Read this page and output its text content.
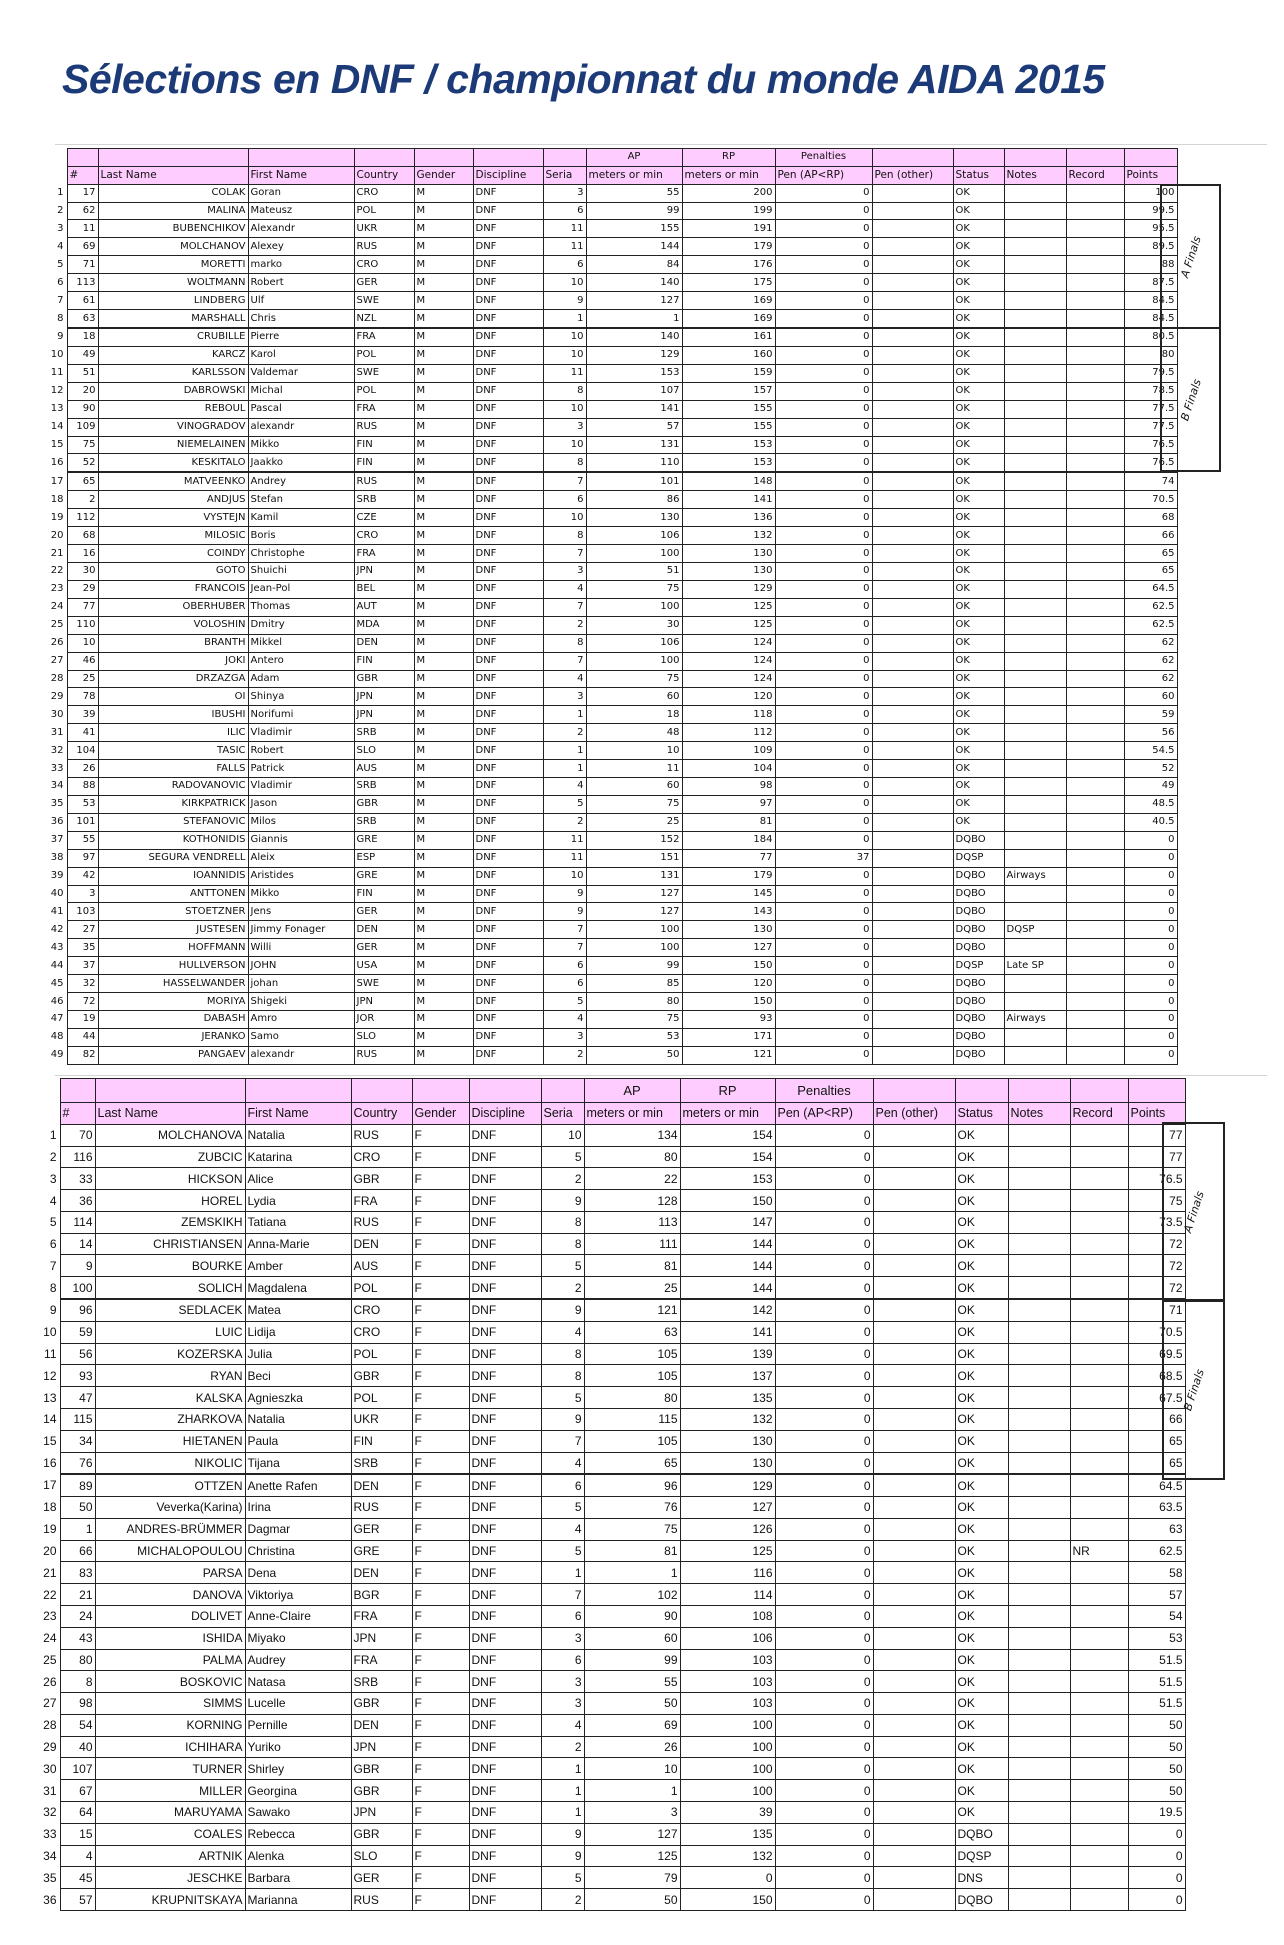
Sélections en DNF / championnat du monde AIDA 2015
								AP	RP	Penalties					
	#	Last Name	First Name	Country	Gender	Discipline	Seria	meters or min	meters or min	Pen (AP<RP)	Pen (other)	Status	Notes	Record	Points
1	17	COLAK	Goran	CRO	M	DNF	3	55	200	0		OK			100
2	62	MALINA	Mateusz	POL	M	DNF	6	99	199	0		OK			99.5
3	11	BUBENCHIKOV	Alexandr	UKR	M	DNF	11	155	191	0		OK			95.5
4	69	MOLCHANOV	Alexey	RUS	M	DNF	11	144	179	0		OK			89.5
5	71	MORETTI	marko	CRO	M	DNF	6	84	176	0		OK			88
6	113	WOLTMANN	Robert	GER	M	DNF	10	140	175	0		OK			87.5
7	61	LINDBERG	Ulf	SWE	M	DNF	9	127	169	0		OK			84.5
8	63	MARSHALL	Chris	NZL	M	DNF	1	1	169	0		OK			84.5
9	18	CRUBILLE	Pierre	FRA	M	DNF	10	140	161	0		OK			80.5
10	49	KARCZ	Karol	POL	M	DNF	10	129	160	0		OK			80
11	51	KARLSSON	Valdemar	SWE	M	DNF	11	153	159	0		OK			79.5
12	20	DABROWSKI	Michal	POL	M	DNF	8	107	157	0		OK			78.5
13	90	REBOUL	Pascal	FRA	M	DNF	10	141	155	0		OK			77.5
14	109	VINOGRADOV	alexandr	RUS	M	DNF	3	57	155	0		OK			77.5
15	75	NIEMELAINEN	Mikko	FIN	M	DNF	10	131	153	0		OK			76.5
16	52	KESKITALO	Jaakko	FIN	M	DNF	8	110	153	0		OK			76.5
17	65	MATVEENKO	Andrey	RUS	M	DNF	7	101	148	0		OK			74
18	2	ANDJUS	Stefan	SRB	M	DNF	6	86	141	0		OK			70.5
19	112	VYSTEJN	Kamil	CZE	M	DNF	10	130	136	0		OK			68
20	68	MILOSIC	Boris	CRO	M	DNF	8	106	132	0		OK			66
21	16	COINDY	Christophe	FRA	M	DNF	7	100	130	0		OK			65
22	30	GOTO	Shuichi	JPN	M	DNF	3	51	130	0		OK			65
23	29	FRANCOIS	Jean-Pol	BEL	M	DNF	4	75	129	0		OK			64.5
24	77	OBERHUBER	Thomas	AUT	M	DNF	7	100	125	0		OK			62.5
25	110	VOLOSHIN	Dmitry	MDA	M	DNF	2	30	125	0		OK			62.5
26	10	BRANTH	Mikkel	DEN	M	DNF	8	106	124	0		OK			62
27	46	JOKI	Antero	FIN	M	DNF	7	100	124	0		OK			62
28	25	DRZAZGA	Adam	GBR	M	DNF	4	75	124	0		OK			62
29	78	OI	Shinya	JPN	M	DNF	3	60	120	0		OK			60
30	39	IBUSHI	Norifumi	JPN	M	DNF	1	18	118	0		OK			59
31	41	ILIC	Vladimir	SRB	M	DNF	2	48	112	0		OK			56
32	104	TASIC	Robert	SLO	M	DNF	1	10	109	0		OK			54.5
33	26	FALLS	Patrick	AUS	M	DNF	1	11	104	0		OK			52
34	88	RADOVANOVIC	Vladimir	SRB	M	DNF	4	60	98	0		OK			49
35	53	KIRKPATRICK	Jason	GBR	M	DNF	5	75	97	0		OK			48.5
36	101	STEFANOVIC	Milos	SRB	M	DNF	2	25	81	0		OK			40.5
37	55	KOTHONIDIS	Giannis	GRE	M	DNF	11	152	184	0		DQBO			0
38	97	SEGURA VENDRELL	Aleix	ESP	M	DNF	11	151	77	37		DQSP			0
39	42	IOANNIDIS	Aristides	GRE	M	DNF	10	131	179	0		DQBO	Airways		0
40	3	ANTTONEN	Mikko	FIN	M	DNF	9	127	145	0		DQBO			0
41	103	STOETZNER	Jens	GER	M	DNF	9	127	143	0		DQBO			0
42	27	JUSTESEN	Jimmy Fonager	DEN	M	DNF	7	100	130	0		DQBO	DQSP		0
43	35	HOFFMANN	Willi	GER	M	DNF	7	100	127	0		DQBO			0
44	37	HULLVERSON	JOHN	USA	M	DNF	6	99	150	0		DQSP	Late SP		0
45	32	HASSELWANDER	johan	SWE	M	DNF	6	85	120	0		DQBO			0
46	72	MORIYA	Shigeki	JPN	M	DNF	5	80	150	0		DQBO			0
47	19	DABASH	Amro	JOR	M	DNF	4	75	93	0		DQBO	Airways		0
48	44	JERANKO	Samo	SLO	M	DNF	3	53	171	0		DQBO			0
49	82	PANGAEV	alexandr	RUS	M	DNF	2	50	121	0		DQBO			0
A Finals
B Finals
								AP	RP	Penalties					
	#	Last Name	First Name	Country	Gender	Discipline	Seria	meters or min	meters or min	Pen (AP<RP)	Pen (other)	Status	Notes	Record	Points
1	70	MOLCHANOVA	Natalia	RUS	F	DNF	10	134	154	0		OK			77
2	116	ZUBCIC	Katarina	CRO	F	DNF	5	80	154	0		OK			77
3	33	HICKSON	Alice	GBR	F	DNF	2	22	153	0		OK			76.5
4	36	HOREL	Lydia	FRA	F	DNF	9	128	150	0		OK			75
5	114	ZEMSKIKH	Tatiana	RUS	F	DNF	8	113	147	0		OK			73.5
6	14	CHRISTIANSEN	Anna-Marie	DEN	F	DNF	8	111	144	0		OK			72
7	9	BOURKE	Amber	AUS	F	DNF	5	81	144	0		OK			72
8	100	SOLICH	Magdalena	POL	F	DNF	2	25	144	0		OK			72
9	96	SEDLACEK	Matea	CRO	F	DNF	9	121	142	0		OK			71
10	59	LUIC	Lidija	CRO	F	DNF	4	63	141	0		OK			70.5
11	56	KOZERSKA	Julia	POL	F	DNF	8	105	139	0		OK			69.5
12	93	RYAN	Beci	GBR	F	DNF	8	105	137	0		OK			68.5
13	47	KALSKA	Agnieszka	POL	F	DNF	5	80	135	0		OK			67.5
14	115	ZHARKOVA	Natalia	UKR	F	DNF	9	115	132	0		OK			66
15	34	HIETANEN	Paula	FIN	F	DNF	7	105	130	0		OK			65
16	76	NIKOLIC	Tijana	SRB	F	DNF	4	65	130	0		OK			65
17	89	OTTZEN	Anette Rafen	DEN	F	DNF	6	96	129	0		OK			64.5
18	50	Veverka(Karina)	Irina	RUS	F	DNF	5	76	127	0		OK			63.5
19	1	ANDRES-BRÜMMER	Dagmar	GER	F	DNF	4	75	126	0		OK			63
20	66	MICHALOPOULOU	Christina	GRE	F	DNF	5	81	125	0		OK		NR	62.5
21	83	PARSA	Dena	DEN	F	DNF	1	1	116	0		OK			58
22	21	DANOVA	Viktoriya	BGR	F	DNF	7	102	114	0		OK			57
23	24	DOLIVET	Anne-Claire	FRA	F	DNF	6	90	108	0		OK			54
24	43	ISHIDA	Miyako	JPN	F	DNF	3	60	106	0		OK			53
25	80	PALMA	Audrey	FRA	F	DNF	6	99	103	0		OK			51.5
26	8	BOSKOVIC	Natasa	SRB	F	DNF	3	55	103	0		OK			51.5
27	98	SIMMS	Lucelle	GBR	F	DNF	3	50	103	0		OK			51.5
28	54	KORNING	Pernille	DEN	F	DNF	4	69	100	0		OK			50
29	40	ICHIHARA	Yuriko	JPN	F	DNF	2	26	100	0		OK			50
30	107	TURNER	Shirley	GBR	F	DNF	1	10	100	0		OK			50
31	67	MILLER	Georgina	GBR	F	DNF	1	1	100	0		OK			50
32	64	MARUYAMA	Sawako	JPN	F	DNF	1	3	39	0		OK			19.5
33	15	COALES	Rebecca	GBR	F	DNF	9	127	135	0		DQBO			0
34	4	ARTNIK	Alenka	SLO	F	DNF	9	125	132	0		DQSP			0
35	45	JESCHKE	Barbara	GER	F	DNF	5	79	0	0		DNS			0
36	57	KRUPNITSKAYA	Marianna	RUS	F	DNF	2	50	150	0		DQBO			0
A Finals
B Finals
